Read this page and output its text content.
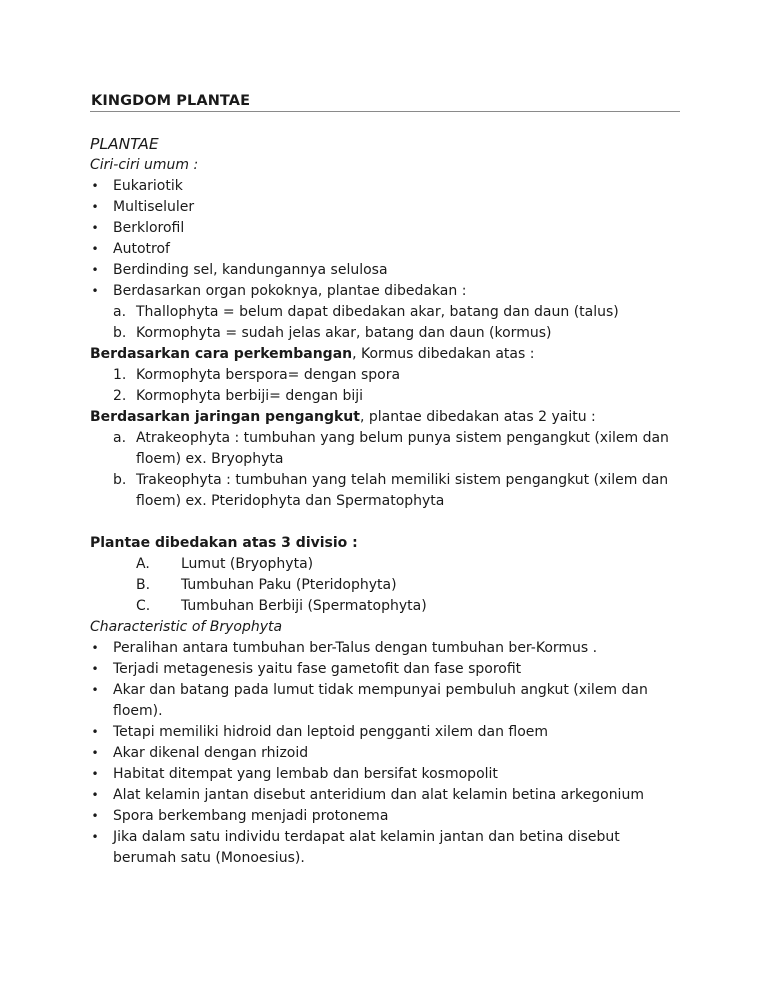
KINGDOM PLANTAE
PLANTAE
Ciri-ciri umum :
• Eukariotik
• Multiseluler
• Berklorofil
• Autotrof
• Berdinding sel, kandungannya selulosa
• Berdasarkan organ pokoknya, plantae dibedakan :
a. Thallophyta = belum dapat dibedakan akar, batang dan daun (talus)
b. Kormophyta = sudah jelas akar, batang dan daun (kormus)
Berdasarkan cara perkembangan, Kormus dibedakan atas :
1. Kormophyta berspora= dengan spora
2. Kormophyta berbiji= dengan biji
Berdasarkan jaringan pengangkut, plantae dibedakan atas 2 yaitu :
a. Atrakeophyta : tumbuhan yang belum punya sistem pengangkut (xilem dan
floem) ex. Bryophyta
b. Trakeophyta : tumbuhan yang telah memiliki sistem pengangkut (xilem dan
floem) ex. Pteridophyta dan Spermatophyta
Plantae dibedakan atas 3 divisio :
A. Lumut (Bryophyta)
B. Tumbuhan Paku (Pteridophyta)
C. Tumbuhan Berbiji (Spermatophyta)
Characteristic of Bryophyta
• Peralihan antara tumbuhan ber-Talus dengan tumbuhan ber-Kormus .
• Terjadi metagenesis yaitu fase gametofit dan fase sporofit
• Akar dan batang pada lumut tidak mempunyai pembuluh angkut (xilem dan
floem).
• Tetapi memiliki hidroid dan leptoid pengganti xilem dan floem
• Akar dikenal dengan rhizoid
• Habitat ditempat yang lembab dan bersifat kosmopolit
• Alat kelamin jantan disebut anteridium dan alat kelamin betina arkegonium
• Spora berkembang menjadi protonema
• Jika dalam satu individu terdapat alat kelamin jantan dan betina disebut
berumah satu (Monoesius).
